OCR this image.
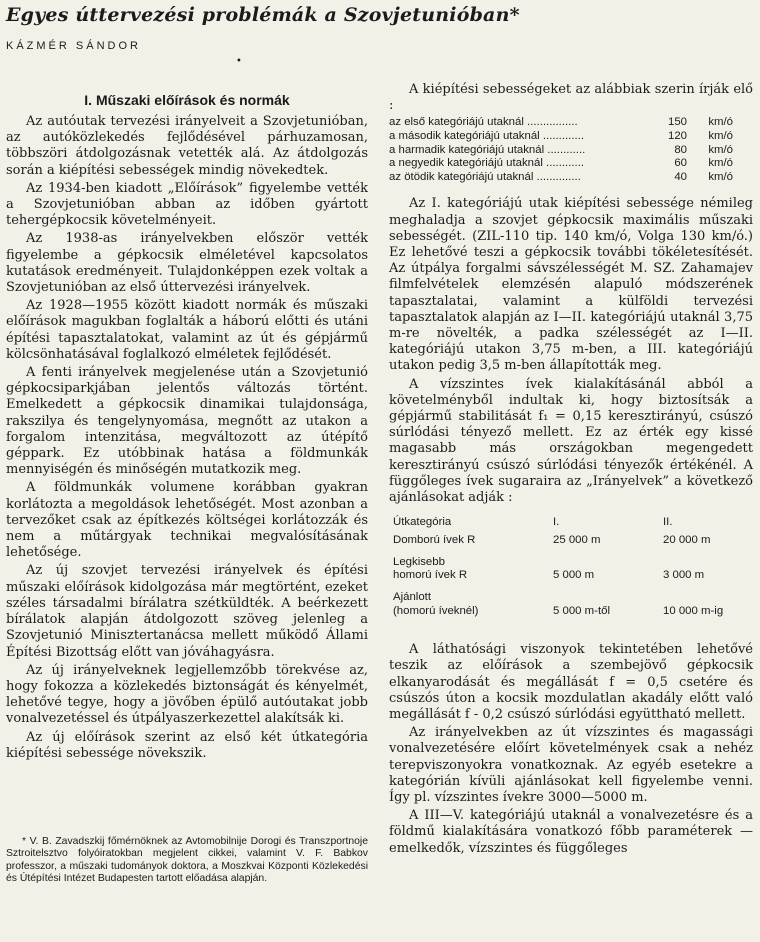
Egyes úttervezési problémák a Szovjetunióban*
KÁZMÉR SÁNDOR
•
I. Műszaki előírások és normák

Az autóutak tervezési irányelveit a Szovjetunióban, az autóközlekedés fejlődésével párhuzamosan, többszöri átdolgozásnak vetették alá. Az átdolgozás során a kiépítési sebességek mindig növekedtek.

Az 1934-ben kiadott „Előírások” figyelembe vették a Szovjetunióban abban az időben gyártott tehergépkocsik követelményeit.

Az 1938-as irányelvekben először vették figyelembe a gépkocsik elméletével kapcsolatos kutatások eredményeit. Tulajdonképpen ezek voltak a Szovjetunióban az első úttervezési irányelvek.

Az 1928—1955 között kiadott normák és műszaki előírások magukban foglalták a háború előtti és utáni építési tapasztalatokat, valamint az út és gépjármű kölcsönhatásával foglalkozó elméletek fejlődését.

A fenti irányelvek megjelenése után a Szovjetunió gépkocsiparkjában jelentős változás történt. Emelkedett a gépkocsik dinamikai tulajdonsága, rakszilya és tengelynyomása, megnőtt az utakon a forgalom intenzitása, megváltozott az útépítő géppark. Ez utóbbinak hatása a földmunkák mennyiségén és minőségén mutatkozik meg.

A földmunkák volumene korábban gyakran korlátozta a megoldások lehetőségét. Most azonban a tervezőket csak az építkezés költségei korlátozzák és nem a műtárgyak technikai megvalósításának lehetősége.

Az új szovjet tervezési irányelvek és építési műszaki előírások kidolgozása már megtörtént, ezeket széles társadalmi bírálatra szétküldték. A beérkezett bírálatok alapján átdolgozott szöveg jelenleg a Szovjetunió Minisztertanácsa mellett működő Állami Építési Bizottság előtt van jóváhagyásra.

Az új irányelveknek legjellemzőbb törekvése az, hogy fokozza a közlekedés biztonságát és kényelmét, lehetővé tegye, hogy a jövőben épülő autóutakat jobb vonalvezetéssel és útpályaszerkezettel alakítsák ki.

Az új előírások szerint az első két útkategória kiépítési sebessége növekszik.

* V. B. Zavadszkij főmérnöknek az Avtomobilnije Dorogi és Transzportnoje Sztroitelsztvo folyóiratokban megjelent cikkei, valamint V. F. Babkov professzor, a műszaki tudományok doktora, a Moszkvai Központi Közlekedési és Útépítési Intézet Budapesten tartott előadása alapján.

A kiépítési sebességeket az alábbiak szerin írják elő :

az első kategóriájú utaknál ................	150	km/ó
a második kategóriájú utaknál .............	120	km/ó
a harmadik kategóriájú utaknál ............	80	km/ó
a negyedik kategóriájú utaknál ............	60	km/ó
az ötödik kategóriájú utaknál ..............	40	km/ó

Az I. kategóriájú utak kiépítési sebessége némileg meghaladja a szovjet gépkocsik maximális műszaki sebességét. (ZIL-110 tip. 140 km/ó, Volga 130 km/ó.) Ez lehetővé teszi a gépkocsik további tökéletesítését. Az útpálya forgalmi sávszélességét M. SZ. Zahamajev filmfelvételek elemzésén alapuló módszerének tapasztalatai, valamint a külföldi tervezési tapasztalatok alapján az I—II. kategóriájú utaknál 3,75 m-re növelték, a padka szélességét az I—II. kategóriájú utakon 3,75 m-ben, a III. kategóriájú utakon pedig 3,5 m-ben állapították meg.

A vízszintes ívek kialakításánál abból a követelményből indultak ki, hogy biztosítsák a gépjármű stabilitását f₁ = 0,15 keresztirányú, csúszó súrlódási tényező mellett. Ez az érték egy kissé magasabb más országokban megengedett keresztirányú csúszó súrlódási tényezők értékénél. A függőleges ívek sugaraira az „Irányelvek” a következő ajánlásokat adják :

Útkategória	I.	II.
Domború ívek R	25 000 m	20 000 m

Legkisebb
homorú ívek R	5 000 m	3 000 m

Ajánlott
(homorú íveknél)	5 000 m-től	10 000 m-ig

A láthatósági viszonyok tekintetében lehetővé teszik az előírások a szembejövő gépkocsik elkanyarodását és megállását f = 0,5 csetére és csúszós úton a kocsik mozdulatlan akadály előtt való megállását f - 0,2 csúszó súrlódási együttható mellett.

Az irányelvekben az út vízszintes és magassági vonalvezetésére előírt követelmények csak a nehéz terepviszonyokra vonatkoznak. Az egyéb esetekre a kategórián kívüli ajánlásokat kell figyelembe venni. Így pl. vízszintes ívekre 3000—5000 m.

A III—V. kategóriájú utaknál a vonalvezetésre és a földmű kialakítására vonatkozó főbb paraméterek — emelkedők, vízszintes és függőleges
